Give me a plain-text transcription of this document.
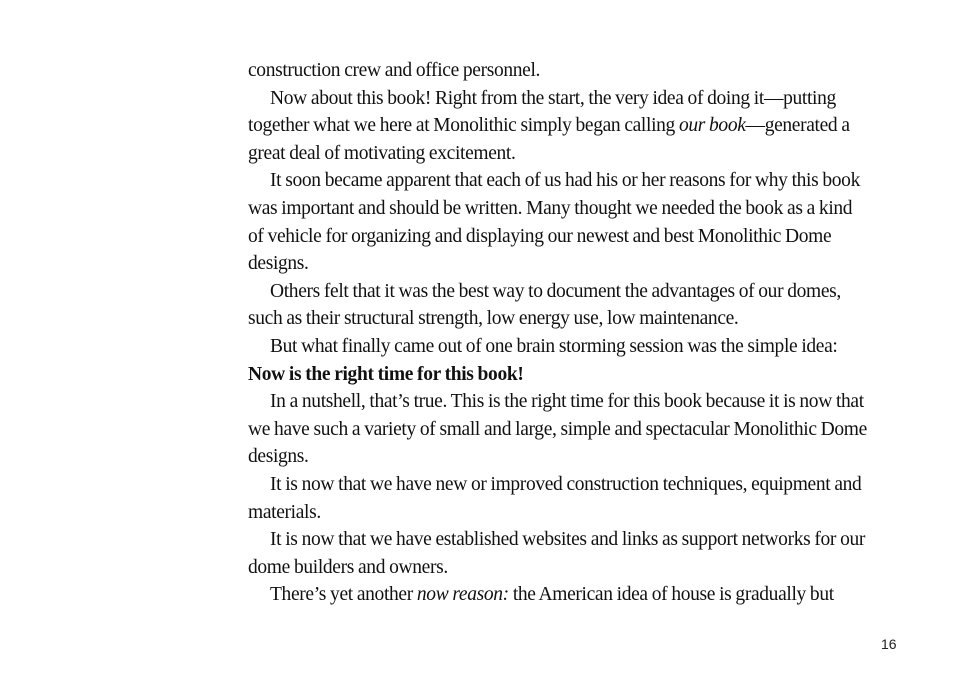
construction crew and office personnel.
Now about this book! Right from the start, the very idea of doing it—putting
together what we here at Monolithic simply began calling our book—generated a
great deal of motivating excitement.
It soon became apparent that each of us had his or her reasons for why this book
was important and should be written. Many thought we needed the book as a kind
of vehicle for organizing and displaying our newest and best Monolithic Dome
designs.
Others felt that it was the best way to document the advantages of our domes,
such as their structural strength, low energy use, low maintenance.
But what finally came out of one brain storming session was the simple idea:
Now is the right time for this book!
In a nutshell, that’s true. This is the right time for this book because it is now that
we have such a variety of small and large, simple and spectacular Monolithic Dome
designs.
It is now that we have new or improved construction techniques, equipment and
materials.
It is now that we have established websites and links as support networks for our
dome builders and owners.
There’s yet another now reason: the American idea of house is gradually but
16
